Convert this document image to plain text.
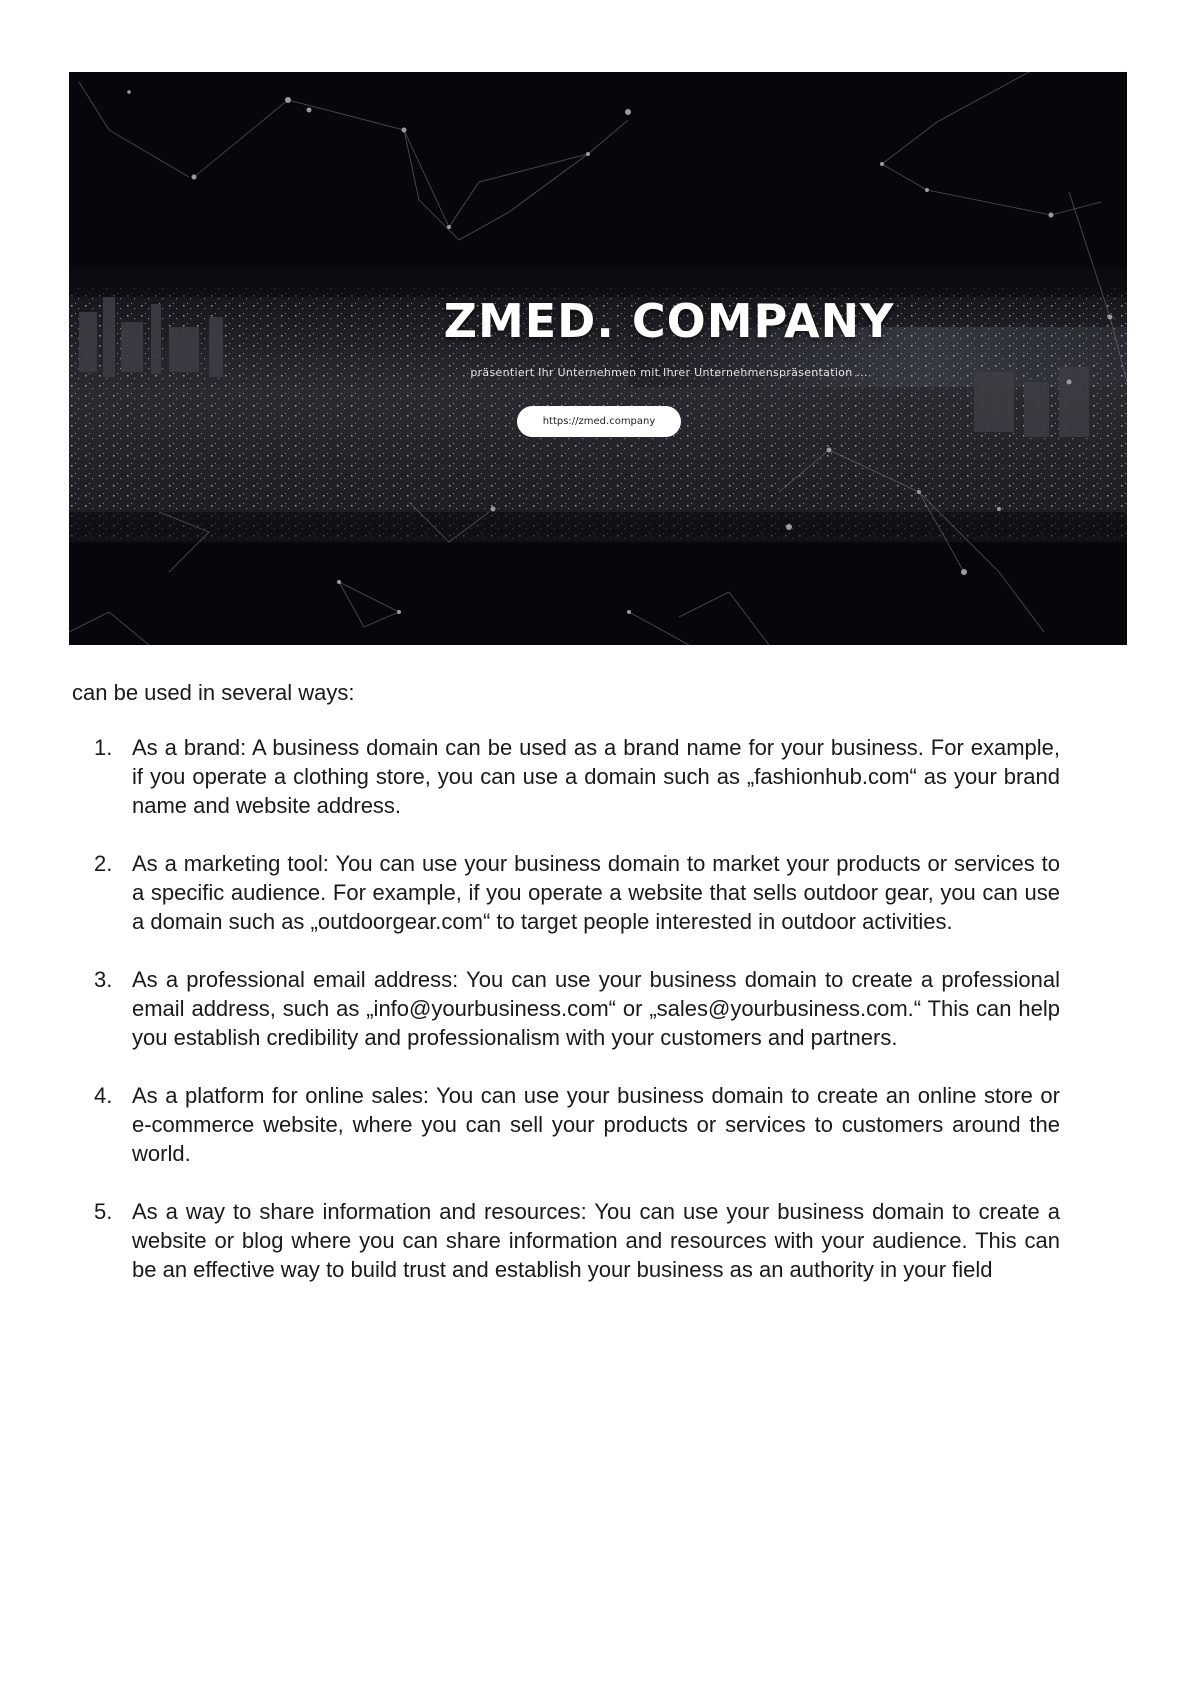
ZMED. COMPANY
präsentiert Ihr Unternehmen mit Ihrer Unternehmenspräsentation ...
https://zmed.company

can be used in several ways:

1. As a brand: A business domain can be used as a brand name for your business. For example, if you operate a clothing store, you can use a domain such as „fashionhub.com“ as your brand name and website address.
2. As a marketing tool: You can use your business domain to market your products or services to a specific audience. For example, if you operate a website that sells outdoor gear, you can use a domain such as „outdoorgear.com“ to target people interested in outdoor activities.
3. As a professional email address: You can use your business domain to create a professional email address, such as „info@yourbusiness.com“ or „sales@yourbusiness.com.“ This can help you establish credibility and professionalism with your customers and partners.
4. As a platform for online sales: You can use your business domain to create an online store or e-commerce website, where you can sell your products or services to customers around the world.
5. As a way to share information and resources: You can use your business domain to create a website or blog where you can share information and resources with your audience. This can be an effective way to build trust and establish your business as an authority in your field
